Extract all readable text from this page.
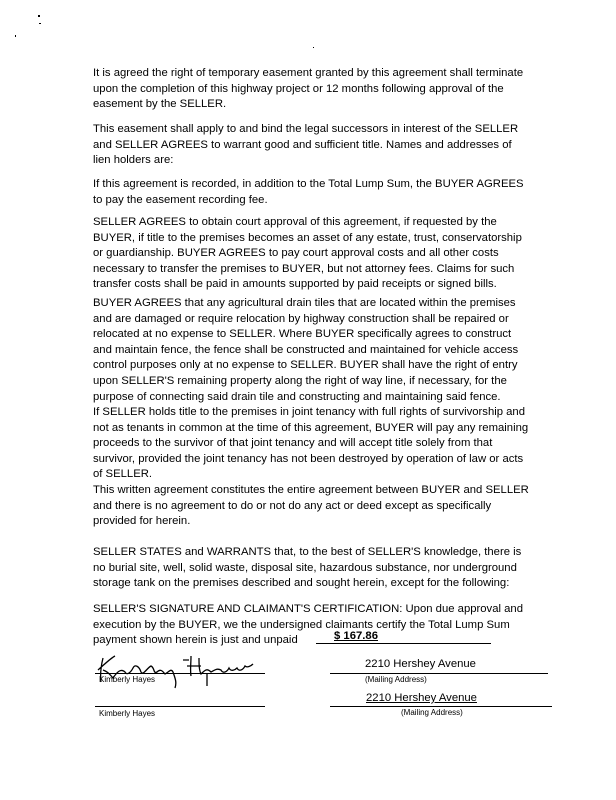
It is agreed the right of temporary easement granted by this agreement shall terminate
upon the completion of this highway project or 12 months following approval of the
easement by the SELLER.
This easement shall apply to and bind the legal successors in interest of the SELLER
and SELLER AGREES to warrant good and sufficient title. Names and addresses of
lien holders are:
If this agreement is recorded, in addition to the Total Lump Sum, the BUYER AGREES
to pay the easement recording fee.
SELLER AGREES to obtain court approval of this agreement, if requested by the
BUYER, if title to the premises becomes an asset of any estate, trust, conservatorship
or guardianship. BUYER AGREES to pay court approval costs and all other costs
necessary to transfer the premises to BUYER, but not attorney fees. Claims for such
transfer costs shall be paid in amounts supported by paid receipts or signed bills.
BUYER AGREES that any agricultural drain tiles that are located within the premises
and are damaged or require relocation by highway construction shall be repaired or
relocated at no expense to SELLER. Where BUYER specifically agrees to construct
and maintain fence, the fence shall be constructed and maintained for vehicle access
control purposes only at no expense to SELLER. BUYER shall have the right of entry
upon SELLER'S remaining property along the right of way line, if necessary, for the
purpose of connecting said drain tile and constructing and maintaining said fence.
If SELLER holds title to the premises in joint tenancy with full rights of survivorship and
not as tenants in common at the time of this agreement, BUYER will pay any remaining
proceeds to the survivor of that joint tenancy and will accept title solely from that
survivor, provided the joint tenancy has not been destroyed by operation of law or acts
of SELLER.
This written agreement constitutes the entire agreement between BUYER and SELLER
and there is no agreement to do or not do any act or deed except as specifically
provided for herein.
SELLER STATES and WARRANTS that, to the best of SELLER'S knowledge, there is
no burial site, well, solid waste, disposal site, hazardous substance, nor underground
storage tank on the premises described and sought herein, except for the following:
SELLER'S SIGNATURE AND CLAIMANT'S CERTIFICATION: Upon due approval and
execution by the BUYER, we the undersigned claimants certify the Total Lump Sum
payment shown herein is just and unpaid	$ 167.86
Kimberly Hayes
2210 Hershey Avenue
(Mailing Address)
Kimberly Hayes
2210 Hershey Avenue
(Mailing Address)
